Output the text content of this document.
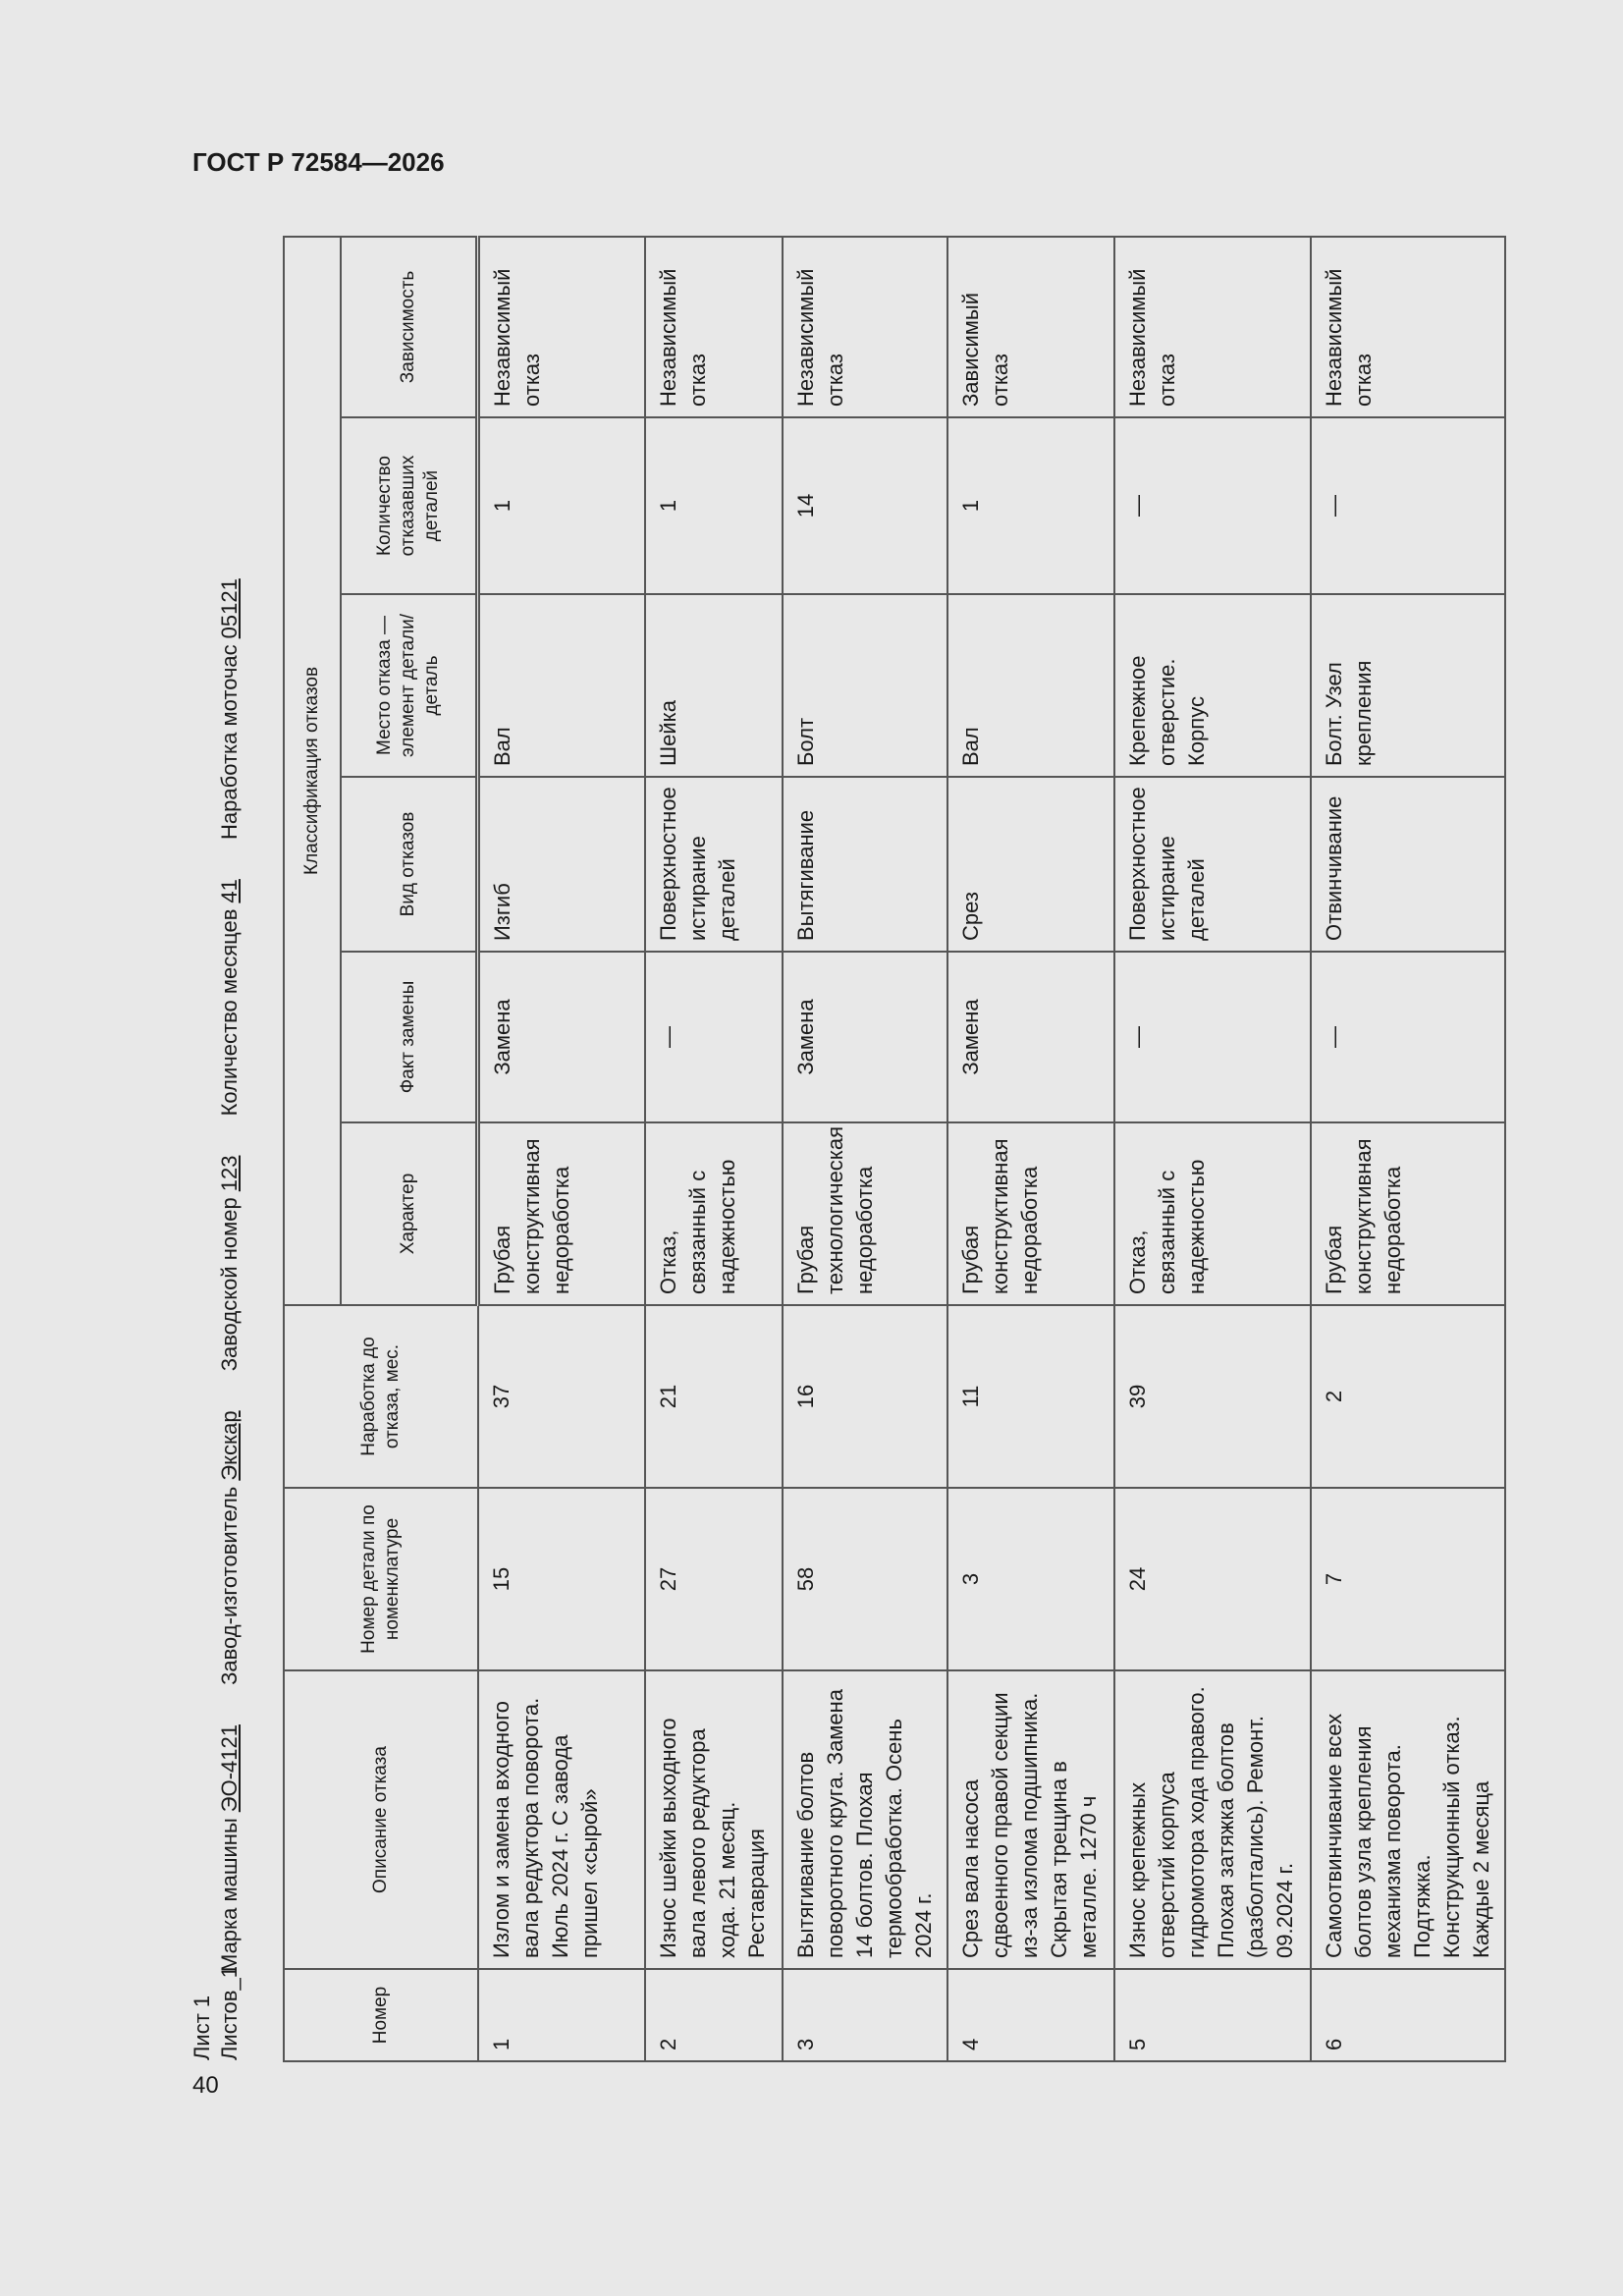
ГОСТ Р 72584—2026
40
Лист 1 Листов_1
Марка машиныЭО-4121 Завод-изготовительЭкскар Заводской номер123 Количество месяцев41 Наработка моточас05121
Номер	Описание отказа	Номер детали по номенклатуре	Наработка до отказа, мес.	Классификация отказов					
				Характер	Факт замены	Вид отказов	Место отказа — элемент детали/деталь	Количество отказавших деталей	Зависимость
1	Излом и замена входного вала редуктора поворота. Июль 2024 г. С завода пришел «сырой»	15	37	Грубая конструктивная недоработка	Замена	Изгиб	Вал	1	Независимый отказ
2	Износ шейки выходного вала левого редуктора хода. 21 месяц. Реставрация	27	21	Отказ, связанный с надежностью	—	Поверхностное истирание деталей	Шейка	1	Независимый отказ
3	Вытягивание болтов поворотного круга. Замена 14 болтов. Плохая термообработка. Осень 2024 г.	58	16	Грубая технологическая недоработка	Замена	Вытягивание	Болт	14	Независимый отказ
4	Срез вала насоса сдвоенного правой секции из-за излома подшипника. Скрытая трещина в металле. 1270 ч	3	11	Грубая конструктивная недоработка	Замена	Срез	Вал	1	Зависимый отказ
5	Износ крепежных отверстий корпуса гидромотора хода правого. Плохая затяжка болтов (разболтались). Ремонт. 09.2024 г.	24	39	Отказ, связанный с надежностью	—	Поверхностное истирание деталей	Крепежное отверстие. Корпус	—	Независимый отказ
6	Самоотвинчивание всех болтов узла крепления механизма поворота. Подтяжка. Конструкционный отказ. Каждые 2 месяца	7	2	Грубая конструктивная недоработка	—	Отвинчивание	Болт. Узел крепления	—	Независимый отказ
